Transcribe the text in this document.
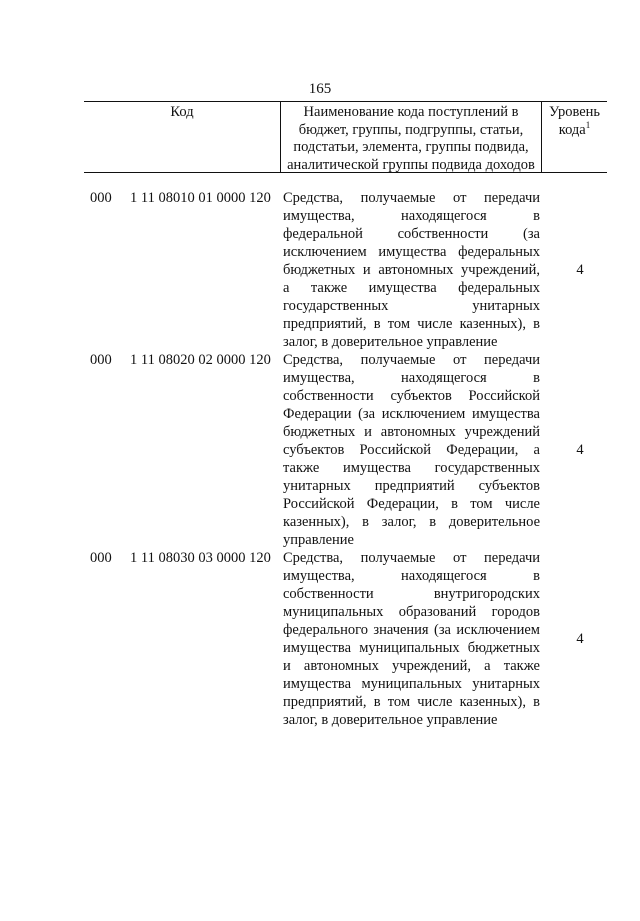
165
Код	Наименование кода поступлений в
бюджет, группы, подгруппы, статьи,
подстатьи, элемента, группы подвида,
аналитической группы подвида доходов
Уровень
кода$^1$
000	1 11 08010 01 0000 120 Средства, получаемые от передачи
имущества, находящегося в
федеральной собственности (за
исключением имущества федеральных
бюджетных и автономных учреждений,
а также имущества федеральных
государственных унитарных
предприятий, в том числе казенных), в
залог, в доверительное управление
4
000	1 11 08020 02 0000 120 Средства, получаемые от передачи
имущества, находящегося в
собственности субъектов Российской
Федерации (за исключением имущества
бюджетных и автономных учреждений
субъектов Российской Федерации, а
также имущества государственных
унитарных предприятий субъектов
Российской Федерации, в том числе
казенных), в залог, в доверительное
управление
4
000	1 11 08030 03 0000 120 Средства, получаемые от передачи
имущества, находящегося в
собственности внутригородских
муниципальных образований городов
федерального значения (за исключением
имущества муниципальных бюджетных
и автономных учреждений, а также
имущества муниципальных унитарных
предприятий, в том числе казенных), в
залог, в доверительное управление
4
